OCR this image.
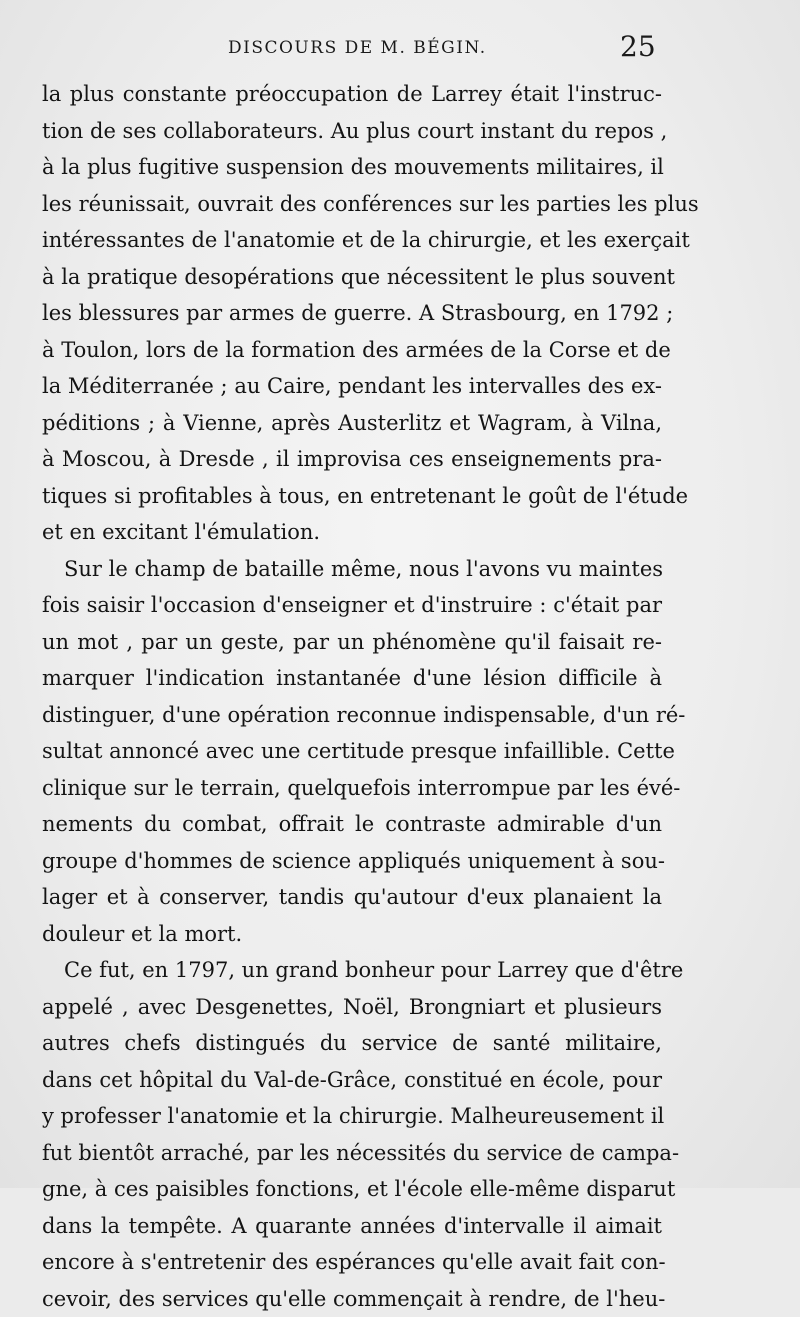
DISCOURS DE M. BÉGIN.	25
la plus constante préoccupation de Larrey était l'instruc-
tion de ses collaborateurs. Au plus court instant du repos ,
à la plus fugitive suspension des mouvements militaires, il
les réunissait, ouvrait des conférences sur les parties les plus
intéressantes de l'anatomie et de la chirurgie, et les exerçait
à la pratique desopérations que nécessitent le plus souvent
les blessures par armes de guerre. A Strasbourg, en 1792 ;
à Toulon, lors de la formation des armées de la Corse et de
la Méditerranée ; au Caire, pendant les intervalles des ex-
péditions ; à Vienne, après Austerlitz et Wagram, à Vilna,
à Moscou, à Dresde , il improvisa ces enseignements pra-
tiques si profitables à tous, en entretenant le goût de l'étude
et en excitant l'émulation.
Sur le champ de bataille même, nous l'avons vu maintes
fois saisir l'occasion d'enseigner et d'instruire : c'était par
un mot , par un geste, par un phénomène qu'il faisait re-
marquer l'indication instantanée d'une lésion difficile à
distinguer, d'une opération reconnue indispensable, d'un ré-
sultat annoncé avec une certitude presque infaillible. Cette
clinique sur le terrain, quelquefois interrompue par les évé-
nements du combat, offrait le contraste admirable d'un
groupe d'hommes de science appliqués uniquement à sou-
lager et à conserver, tandis qu'autour d'eux planaient la
douleur et la mort.
Ce fut, en 1797, un grand bonheur pour Larrey que d'être
appelé , avec Desgenettes, Noël, Brongniart et plusieurs
autres chefs distingués du service de santé militaire,
dans cet hôpital du Val-de-Grâce, constitué en école, pour
y professer l'anatomie et la chirurgie. Malheureusement il
fut bientôt arraché, par les nécessités du service de campa-
gne, à ces paisibles fonctions, et l'école elle-même disparut
dans la tempête. A quarante années d'intervalle il aimait
encore à s'entretenir des espérances qu'elle avait fait con-
cevoir, des services qu'elle commençait à rendre, de l'heu-
